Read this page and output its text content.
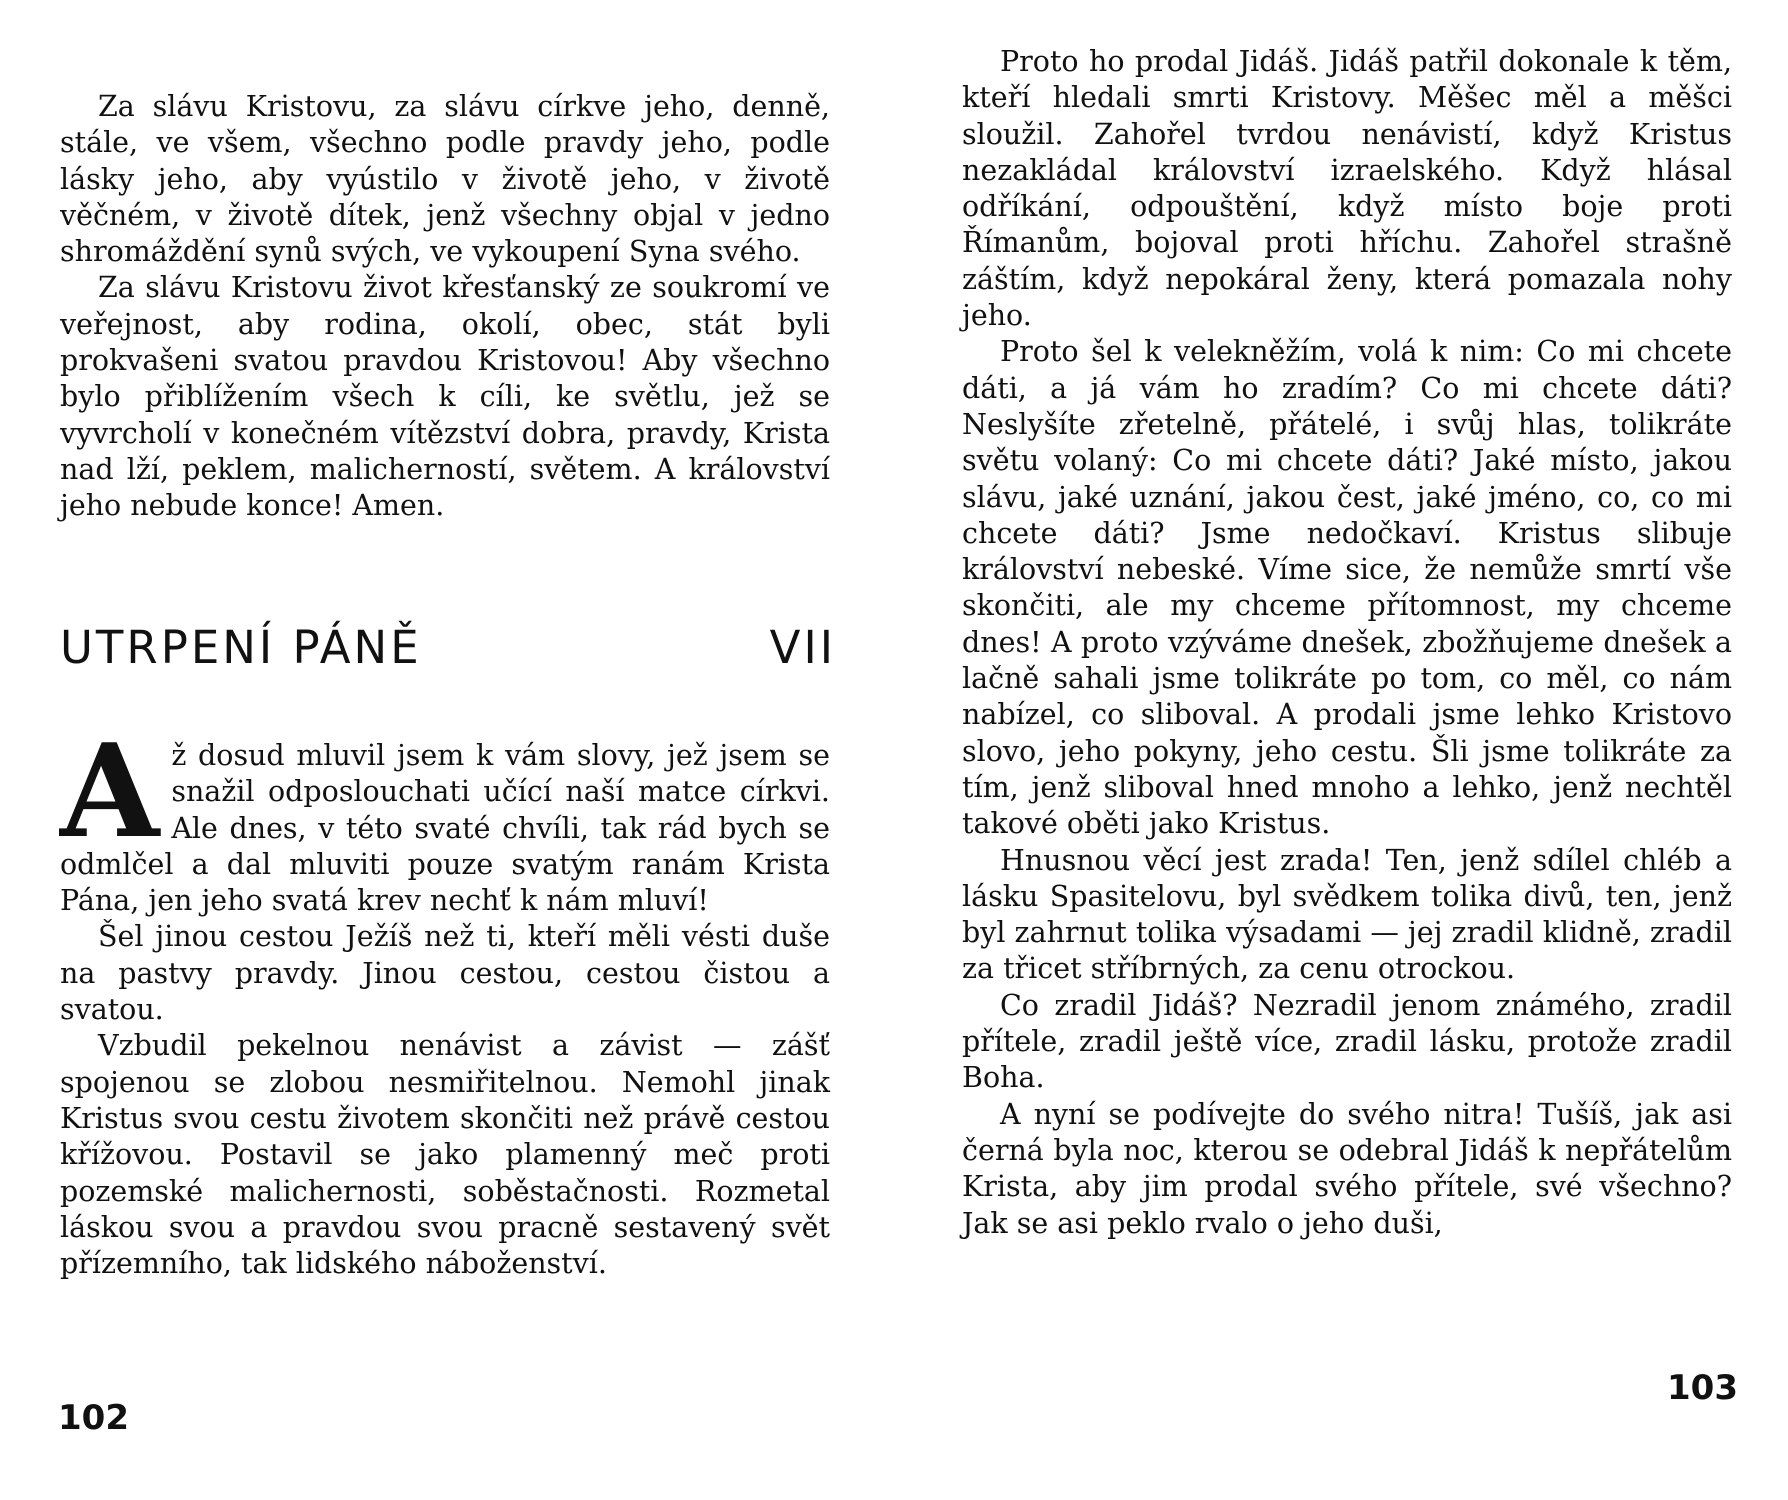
Za slávu Kristovu, za slávu církve jeho, denně, stále, ve všem, všechno podle pravdy jeho, podle lásky jeho, aby vyústilo v životě jeho, v životě věčném, v životě dítek, jenž všechny objal v jedno shromáždění synů svých, ve vykoupení Syna svého.

Za slávu Kristovu život křesťanský ze soukromí ve veřejnost, aby rodina, okolí, obec, stát byli prokvašeni svatou pravdou Kristovou! Aby všechno bylo přiblížením všech k cíli, ke světlu, jež se vyvrcholí v konečném vítězství dobra, pravdy, Krista nad lží, peklem, malicherností, světem. A království jeho nebude konce! Amen.

UTRPENÍ PÁNĚ	VII

Až dosud mluvil jsem k vám slovy, jež jsem se snažil odposlouchati učící naší matce církvi. Ale dnes, v této svaté chvíli, tak rád bych se odmlčel a dal mluviti pouze svatým ranám Krista Pána, jen jeho svatá krev nechť k nám mluví!

Šel jinou cestou Ježíš než ti, kteří měli vésti duše na pastvy pravdy. Jinou cestou, cestou čistou a svatou.

Vzbudil pekelnou nenávist a závist — zášť spojenou se zlobou nesmiřitelnou. Nemohl jinak Kristus svou cestu životem skončiti než právě cestou křížovou. Postavil se jako plamenný meč proti pozemské malichernosti, soběstačnosti. Rozmetal láskou svou a pravdou svou pracně sestavený svět přízemního, tak lidského náboženství.

102

Proto ho prodal Jidáš. Jidáš patřil dokonale k těm, kteří hledali smrti Kristovy. Měšec měl a měšci sloužil. Zahořel tvrdou nenávistí, když Kristus nezakládal království izraelského. Když hlásal odříkání, odpouštění, když místo boje proti Římanům, bojoval proti hříchu. Zahořel strašně záštím, když nepokáral ženy, která pomazala nohy jeho.

Proto šel k velekněžím, volá k nim: Co mi chcete dáti, a já vám ho zradím? Co mi chcete dáti? Neslyšíte zřetelně, přátelé, i svůj hlas, tolikráte světu volaný: Co mi chcete dáti? Jaké místo, jakou slávu, jaké uznání, jakou čest, jaké jméno, co, co mi chcete dáti? Jsme nedočkaví. Kristus slibuje království nebeské. Víme sice, že nemůže smrtí vše skončiti, ale my chceme přítomnost, my chceme dnes! A proto vzýváme dnešek, zbožňujeme dnešek a lačně sahali jsme tolikráte po tom, co měl, co nám nabízel, co sliboval. A prodali jsme lehko Kristovo slovo, jeho pokyny, jeho cestu. Šli jsme tolikráte za tím, jenž sliboval hned mnoho a lehko, jenž nechtěl takové oběti jako Kristus.

Hnusnou věcí jest zrada! Ten, jenž sdílel chléb a lásku Spasitelovu, byl svědkem tolika divů, ten, jenž byl zahrnut tolika výsadami — jej zradil klidně, zradil za třicet stříbrných, za cenu otrockou.

Co zradil Jidáš? Nezradil jenom známého, zradil přítele, zradil ještě více, zradil lásku, protože zradil Boha.

A nyní se podívejte do svého nitra! Tušíš, jak asi černá byla noc, kterou se odebral Jidáš k nepřátelům Krista, aby jim prodal svého přítele, své všechno? Jak se asi peklo rvalo o jeho duši,

103
